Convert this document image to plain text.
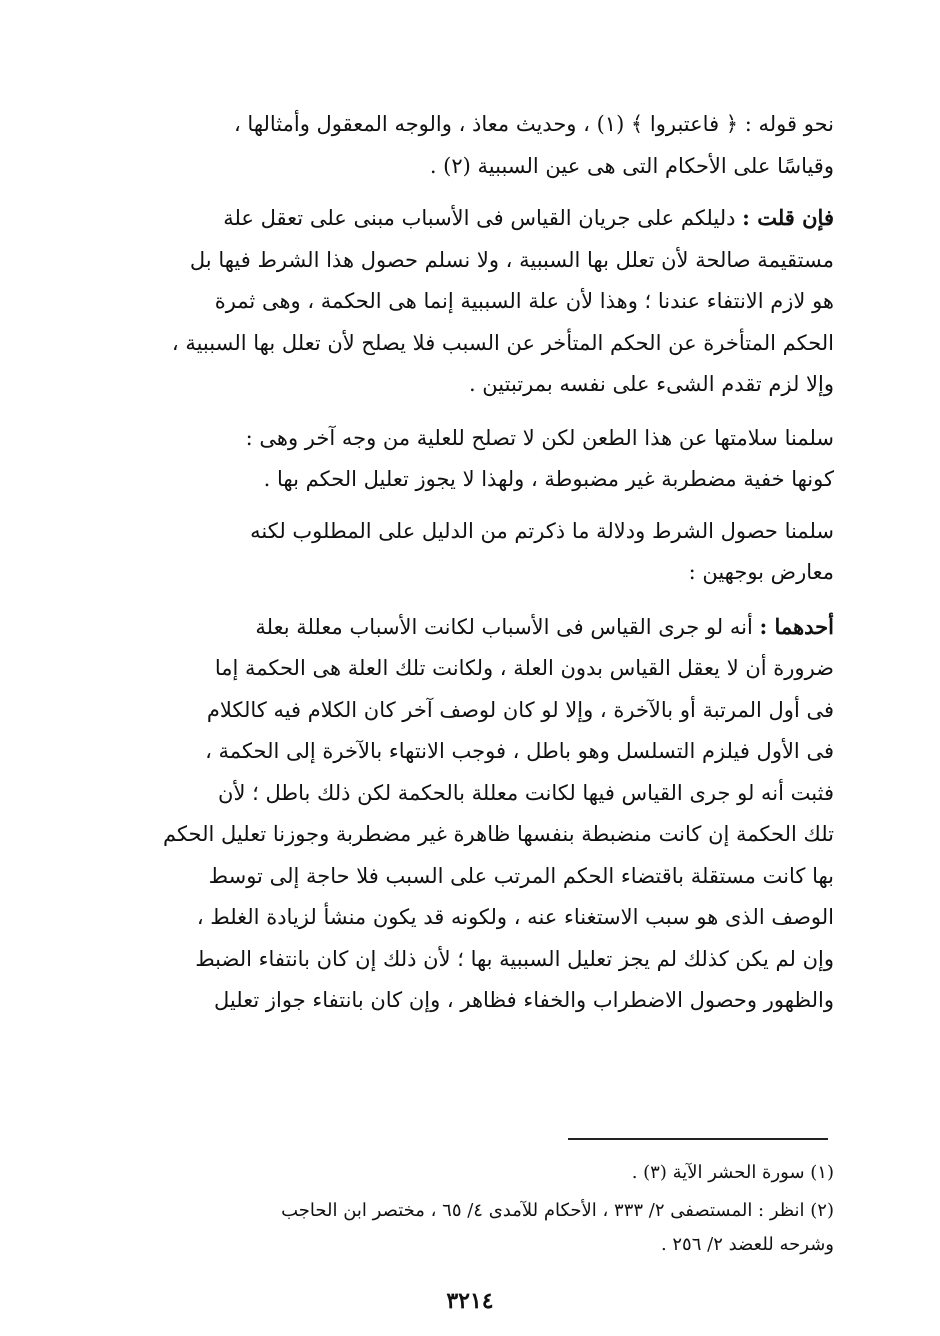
نحو قوله : ﴿ فاعتبروا ﴾ (١) ، وحديث معاذ ، والوجه المعقول وأمثالها ،
وقياسًا على الأحكام التى هى عين السببية (٢) .

فإن قلت : دليلكم على جريان القياس فى الأسباب مبنى على تعقل علة
مستقيمة صالحة لأن تعلل بها السببية ، ولا نسلم حصول هذا الشرط فيها بل
هو لازم الانتفاء عندنا ؛ وهذا لأن علة السببية إنما هى الحكمة ، وهى ثمرة
الحكم المتأخرة عن الحكم المتأخر عن السبب فلا يصلح لأن تعلل بها السببية ،
وإلا لزم تقدم الشىء على نفسه بمرتبتين .

سلمنا سلامتها عن هذا الطعن لكن لا تصلح للعلية من وجه آخر وهى :
كونها خفية مضطربة غير مضبوطة ، ولهذا لا يجوز تعليل الحكم بها .

سلمنا حصول الشرط ودلالة ما ذكرتم من الدليل على المطلوب لكنه
معارض بوجهين :

أحدهما : أنه لو جرى القياس فى الأسباب لكانت الأسباب معللة بعلة
ضرورة أن لا يعقل القياس بدون العلة ، ولكانت تلك العلة هى الحكمة إما
فى أول المرتبة أو بالآخرة ، وإلا لو كان لوصف آخر كان الكلام فيه كالكلام
فى الأول فيلزم التسلسل وهو باطل ، فوجب الانتهاء بالآخرة إلى الحكمة ،
فثبت أنه لو جرى القياس فيها لكانت معللة بالحكمة لكن ذلك باطل ؛ لأن
تلك الحكمة إن كانت منضبطة بنفسها ظاهرة غير مضطربة وجوزنا تعليل الحكم
بها كانت مستقلة باقتضاء الحكم المرتب على السبب فلا حاجة إلى توسط
الوصف الذى هو سبب الاستغناء عنه ، ولكونه قد يكون منشأ لزيادة الغلط ،
وإن لم يكن كذلك لم يجز تعليل السببية بها ؛ لأن ذلك إن كان بانتفاء الضبط
والظهور وحصول الاضطراب والخفاء فظاهر ، وإن كان بانتفاء جواز تعليل

(١) سورة الحشر الآية (٣) .

(٢) انظر : المستصفى ٢/ ٣٣٣ ، الأحكام للآمدى ٤/ ٦٥ ، مختصر ابن الحاجب
وشرحه للعضد ٢/ ٢٥٦ .

٣٢١٤
